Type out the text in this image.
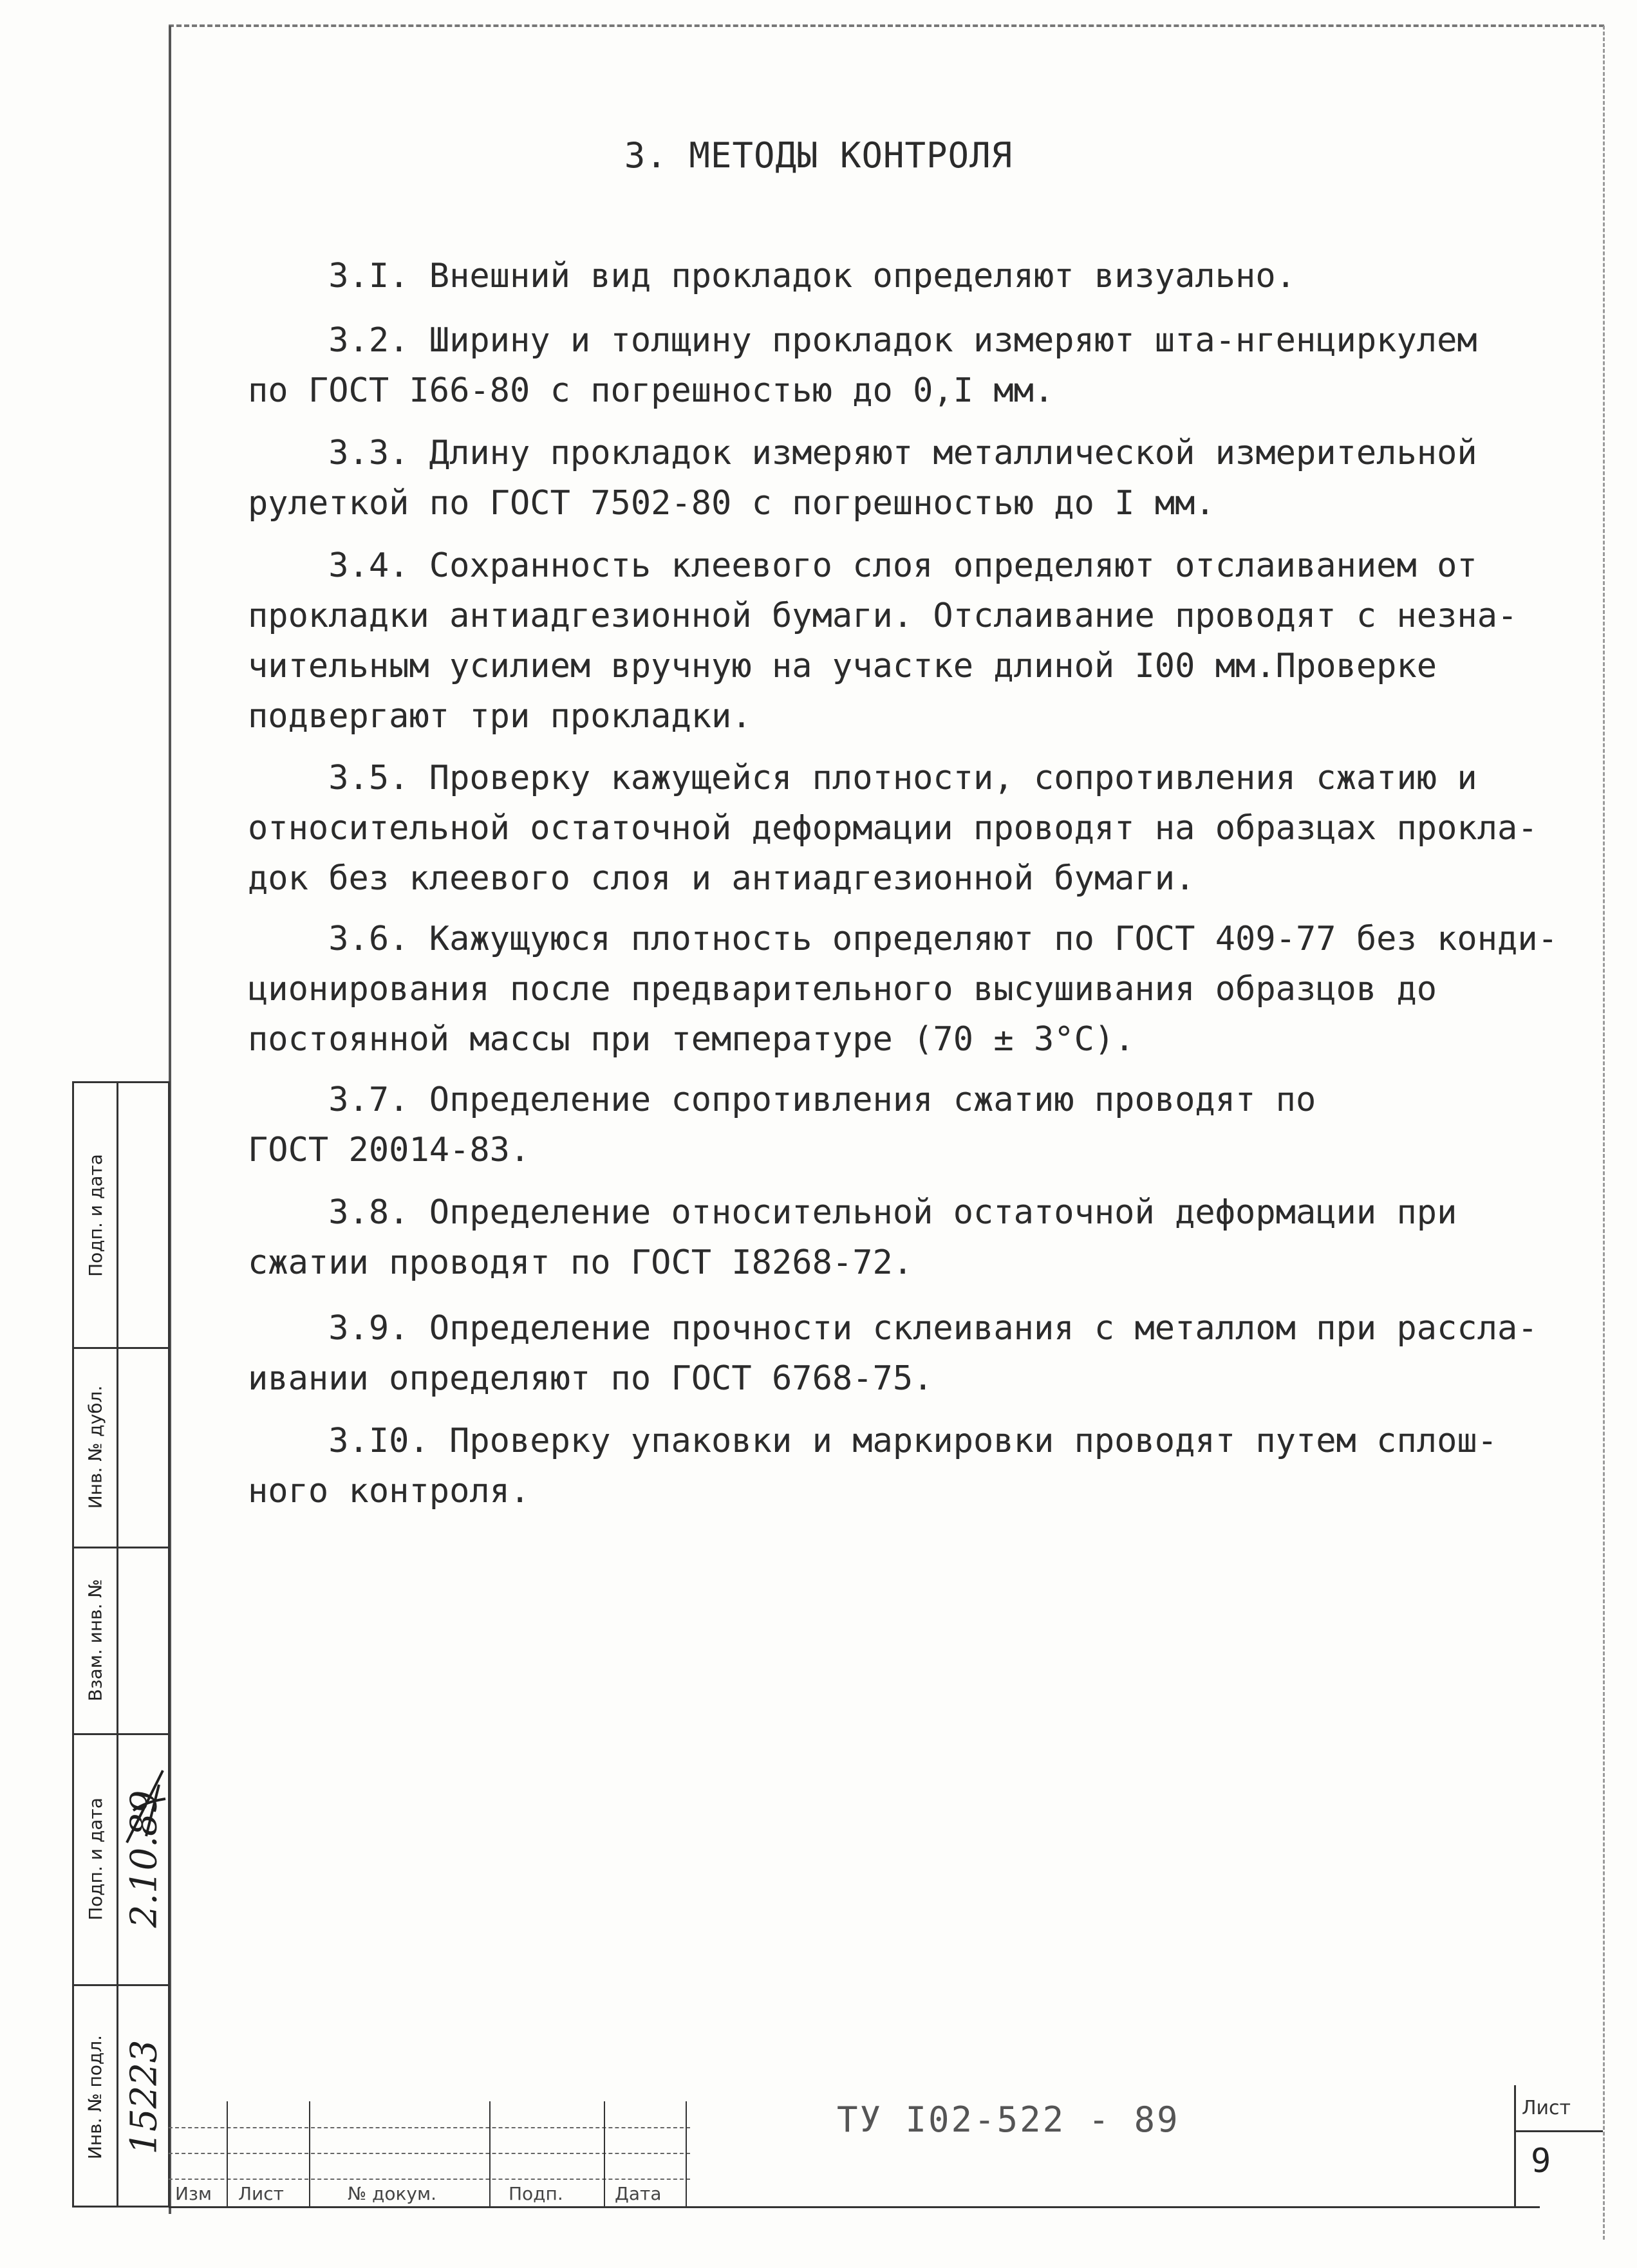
3. МЕТОДЫ КОНТРОЛЯ
3.I. Внешний вид прокладок определяют визуально.
3.2. Ширину и толщину прокладок измеряют шта-нгенциркулем
по ГОСТ I66-80 с погрешностью до 0,I мм.
3.3. Длину прокладок измеряют металлической измерительной
рулеткой по ГОСТ 7502-80 с погрешностью до I мм.
3.4. Сохранность клеевого слоя определяют отслаиванием от
прокладки антиадгезионной бумаги. Отслаивание проводят с незна-
чительным усилием вручную на участке длиной I00 мм.Проверке
подвергают три прокладки.
3.5. Проверку кажущейся плотности, сопротивления сжатию и
относительной остаточной деформации проводят на образцах прокла-
док без клеевого слоя и антиадгезионной бумаги.
3.6. Кажущуюся плотность определяют по ГОСТ 409-77 без конди-
ционирования после предварительного высушивания образцов до
постоянной массы при температуре (70 ± 3°С).
3.7. Определение сопротивления сжатию проводят по
ГОСТ 20014-83.
3.8. Определение относительной остаточной деформации при
сжатии проводят по ГОСТ I8268-72.
3.9. Определение прочности склеивания с металлом при рассла-
ивании определяют по ГОСТ 6768-75.
3.I0. Проверку упаковки и маркировки проводят путем сплош-
ного контроля.
Подп. и дата
Инв. № дубл.
Взам. инв. №
Подп. и дата
Инв. № подл.
2.10.89
15223
Изм Лист	№ докум.	Подп.	Дата
ТУ I02-522 - 89	Лист
9
